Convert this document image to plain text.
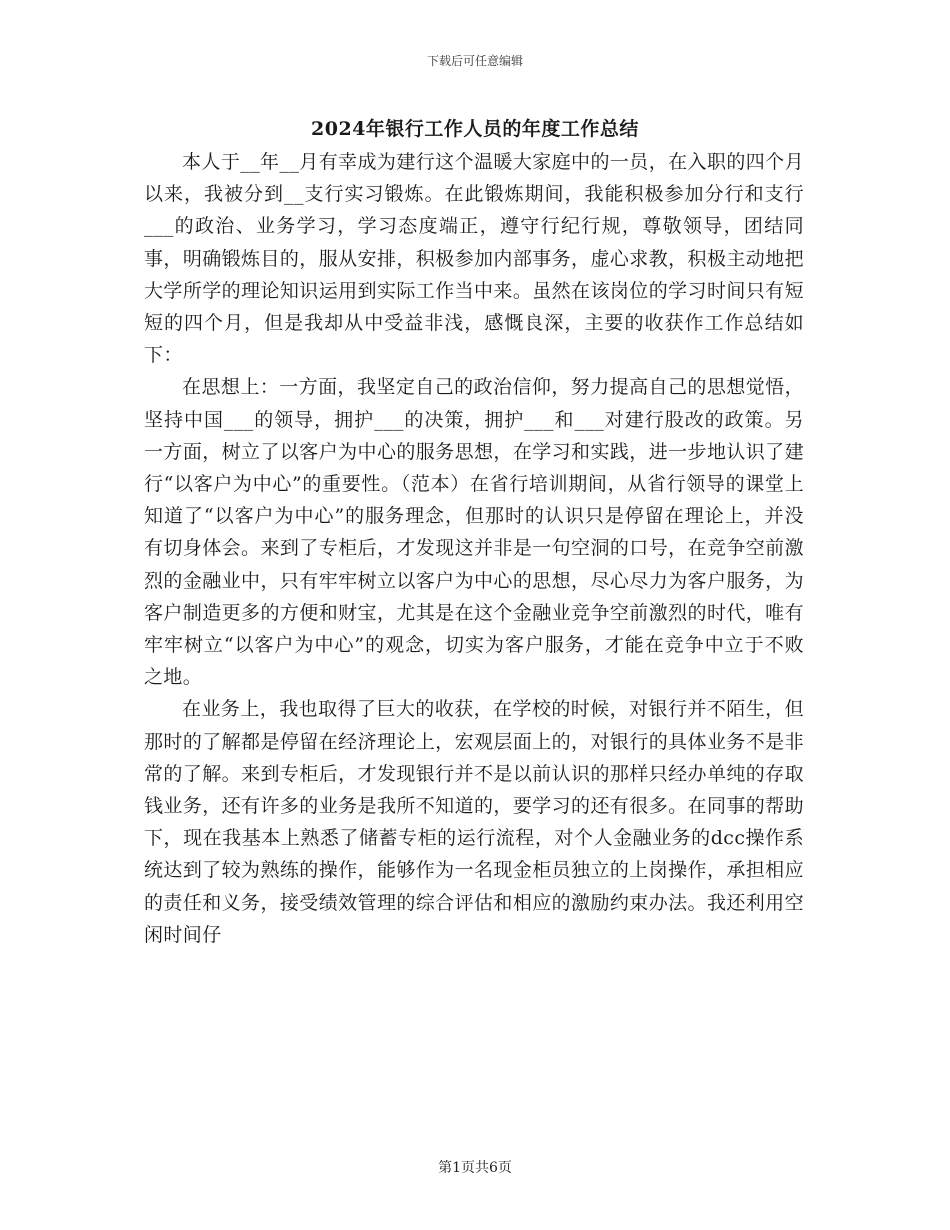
下载后可任意编辑
2024年银行工作人员的年度工作总结

本人于__年__月有幸成为建行这个温暖大家庭中的一员，在入职的四个月以来，我被分到__支行实习锻炼。在此锻炼期间，我能积极参加分行和支行___的政治、业务学习，学习态度端正，遵守行纪行规，尊敬领导，团结同事，明确锻炼目的，服从安排，积极参加内部事务，虚心求教，积极主动地把大学所学的理论知识运用到实际工作当中来。虽然在该岗位的学习时间只有短短的四个月，但是我却从中受益非浅，感慨良深，主要的收获作工作总结如下：

在思想上：一方面，我坚定自己的政治信仰，努力提高自己的思想觉悟，坚持中国___的领导，拥护___的决策，拥护___和___对建行股改的政策。另一方面，树立了以客户为中心的服务思想，在学习和实践，进一步地认识了建行“以客户为中心”的重要性。（范本）在省行培训期间，从省行领导的课堂上知道了“以客户为中心”的服务理念，但那时的认识只是停留在理论上，并没有切身体会。来到了专柜后，才发现这并非是一句空洞的口号，在竞争空前激烈的金融业中，只有牢牢树立以客户为中心的思想，尽心尽力为客户服务，为客户制造更多的方便和财宝，尤其是在这个金融业竞争空前激烈的时代，唯有牢牢树立“以客户为中心”的观念，切实为客户服务，才能在竞争中立于不败之地。

在业务上，我也取得了巨大的收获，在学校的时候，对银行并不陌生，但那时的了解都是停留在经济理论上，宏观层面上的，对银行的具体业务不是非常的了解。来到专柜后，才发现银行并不是以前认识的那样只经办单纯的存取钱业务，还有许多的业务是我所不知道的，要学习的还有很多。在同事的帮助下，现在我基本上熟悉了储蓄专柜的运行流程，对个人金融业务的dcc操作系统达到了较为熟练的操作，能够作为一名现金柜员独立的上岗操作，承担相应的责任和义务，接受绩效管理的综合评估和相应的激励约束办法。我还利用空闲时间仔

第1页共6页
